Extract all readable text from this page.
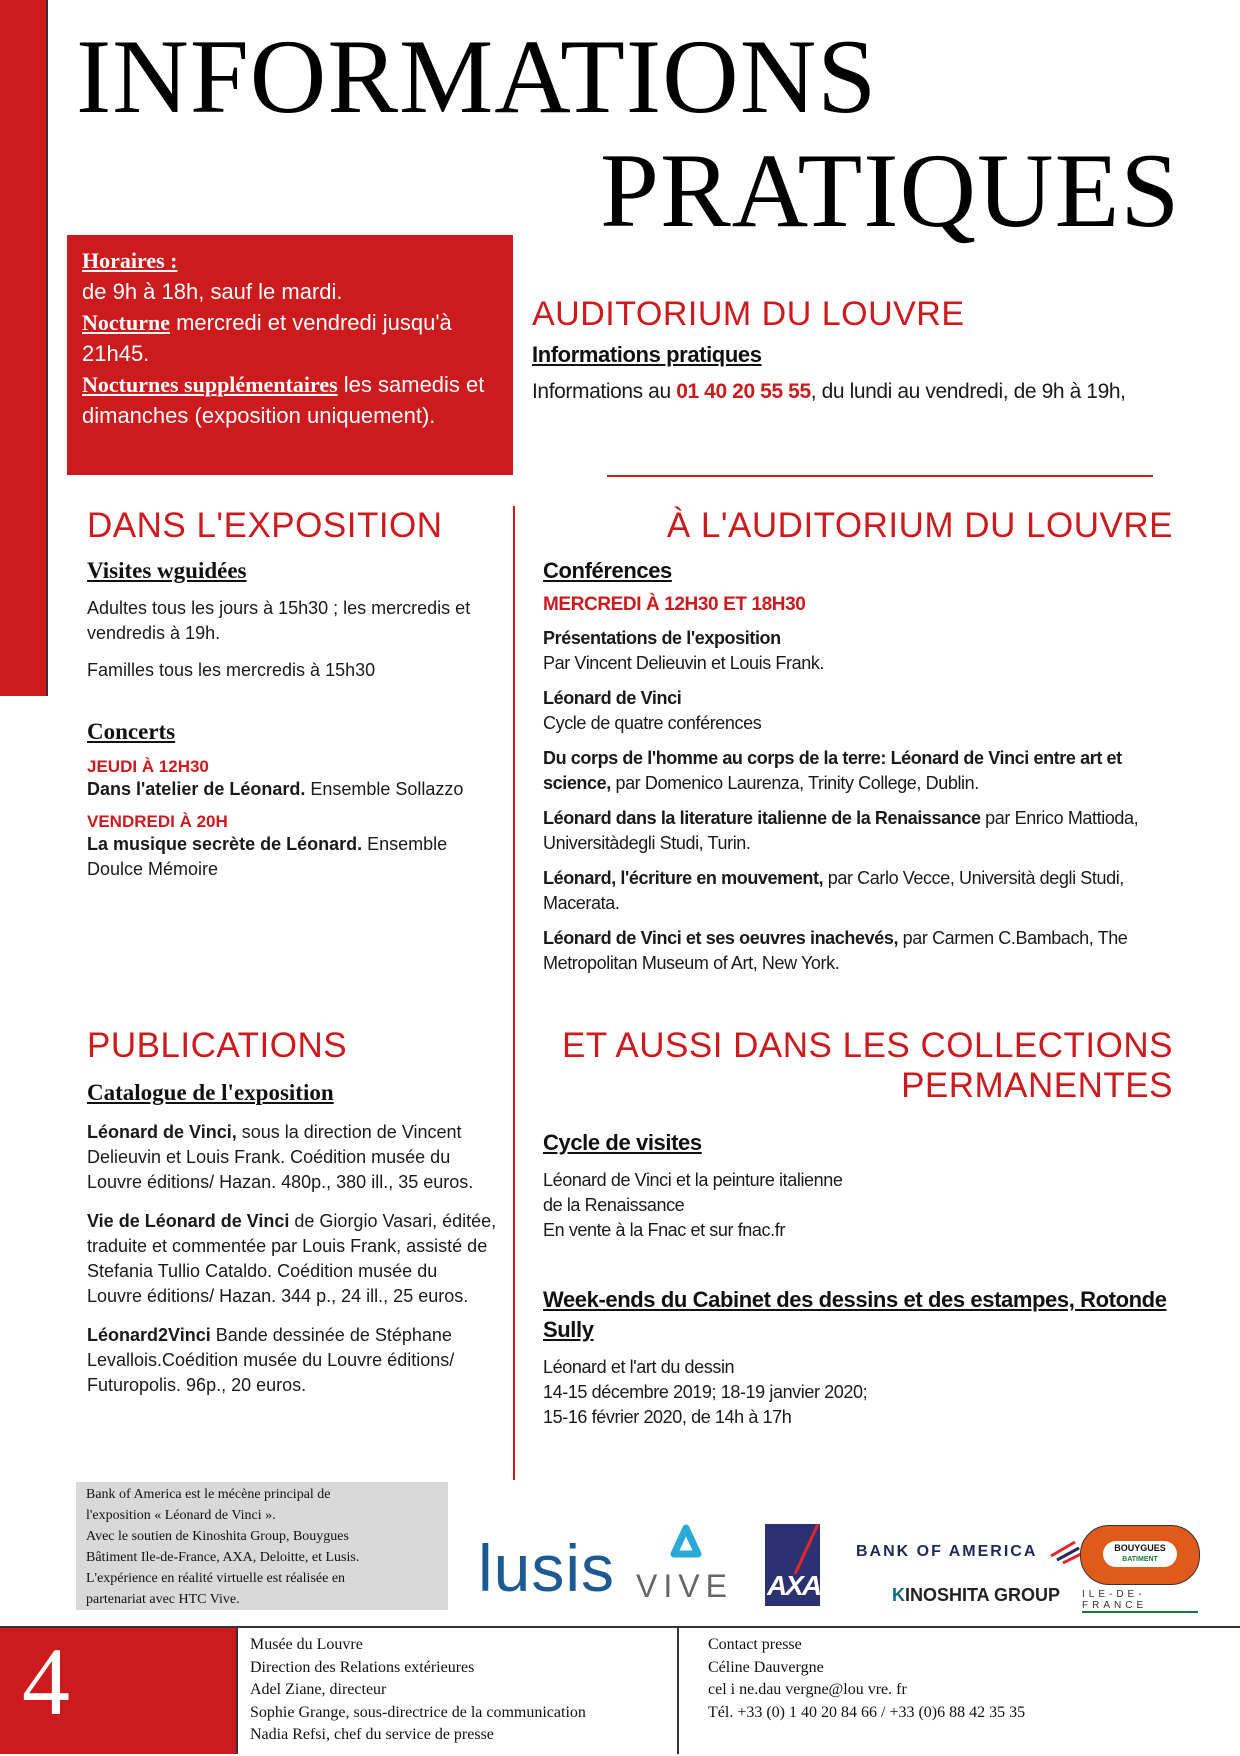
INFORMATIONS
PRATIQUES
Horaires :
de 9h à 18h, sauf le mardi.
Nocturne mercredi et vendredi jusqu'à 21h45.
Nocturnes supplémentaires les samedis et dimanches (exposition uniquement).
AUDITORIUM DU LOUVRE
Informations pratiques
Informations au 01 40 20 55 55, du lundi au vendredi, de 9h à 19h,
DANS L'EXPOSITION
Visites wguidées

Adultes tous les jours à 15h30 ; les mercredis et vendredis à 19h.

Familles tous les mercredis à 15h30

Concerts
JEUDI À 12H30
Dans l'atelier de Léonard. Ensemble Sollazzo
VENDREDI À 20H
La musique secrète de Léonard. Ensemble Doulce Mémoire
À L'AUDITORIUM DU LOUVRE
Conférences
MERCREDI À 12H30 ET 18H30
Présentations de l'exposition
Par Vincent Delieuvin et Louis Frank.
Léonard de Vinci
Cycle de quatre conférences
Du corps de l'homme au corps de la terre: Léonard de Vinci entre art et science, par Domenico Laurenza, Trinity College, Dublin.
Léonard dans la literature italienne de la Renaissance par Enrico Mattioda, Universitàdegli Studi, Turin.
Léonard, l'écriture en mouvement, par Carlo Vecce, Università degli Studi, Macerata.
Léonard de Vinci et ses oeuvres inachevés, par Carmen C.Bambach, The Metropolitan Museum of Art, New York.
PUBLICATIONS
Catalogue de l'exposition

Léonard de Vinci, sous la direction de Vincent Delieuvin et Louis Frank. Coédition musée du Louvre éditions/ Hazan. 480p., 380 ill., 35 euros.

Vie de Léonard de Vinci de Giorgio Vasari, éditée, traduite et commentée par Louis Frank, assisté de Stefania Tullio Cataldo. Coédition musée du Louvre éditions/ Hazan. 344 p., 24 ill., 25 euros.

Léonard2Vinci Bande dessinée de Stéphane Levallois.Coédition musée du Louvre éditions/ Futuropolis. 96p., 20 euros.

ET AUSSI DANS LES COLLECTIONS
PERMANENTES
Cycle de visites
Léonard de Vinci et la peinture italienne
de la Renaissance
En vente à la Fnac et sur fnac.fr
Week-ends du Cabinet des dessins et des estampes, Rotonde Sully
Léonard et l'art du dessin
14-15 décembre 2019; 18-19 janvier 2020;
15-16 février 2020, de 14h à 17h
Bank of America est le mécène principal de
l'exposition « Léonard de Vinci ».
Avec le soutien de Kinoshita Group, Bouygues
Bâtiment Ile-de-France, AXA, Deloitte, et Lusis.
L'expérience en réalité virtuelle est réalisée en
partenariat avec HTC Vive.	lusis VIVE AXA
BANK OF AMERICA
KINOSHITA GROUP
BOUYGUES
BATIMENT
ILE-DE-FRANCE
4	Musée du Louvre
Direction des Relations extérieures
Adel Ziane, directeur
Sophie Grange, sous-directrice de la communication
Nadia Refsi, chef du service de presse
Contact presse
Céline Dauvergne
cel i ne.dau vergne@lou vre. fr
Tél. +33 (0) 1 40 20 84 66 / +33 (0)6 88 42 35 35
